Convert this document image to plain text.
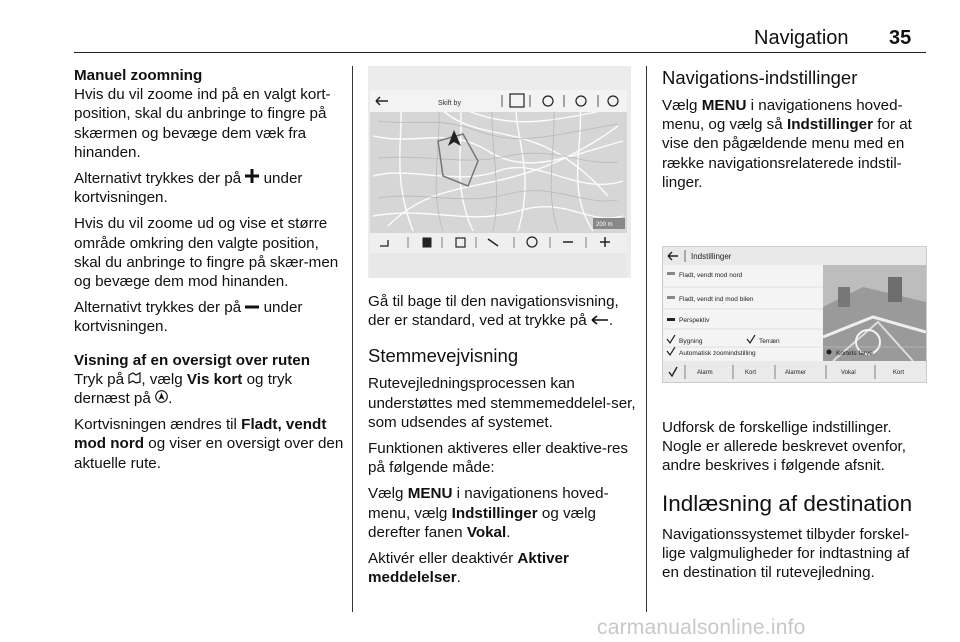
Navigation 35

Manuel zoomning

Hvis du vil zoome ind på en valgt kort-position, skal du anbringe to fingre på skærmen og bevæge dem væk fra hinanden.

Alternativt trykkes der på under kortvisningen.

Hvis du vil zoome ud og vise et større område omkring den valgte position, skal du anbringe to fingre på skær-men og bevæge dem mod hinanden.

Alternativt trykkes der på under kortvisningen.

Visning af en oversigt over ruten

Tryk på , vælg Vis kort og tryk dernæst på .

Kortvisningen ændres til Fladt, vendt mod nord og viser en oversigt over den aktuelle rute.

Skift by
200 m

Gå til bage til den navigationsvisning, der er standard, ved at trykke på .

Stemmevejvisning

Rutevejledningsprocessen kan understøttes med stemmemeddelel-ser, som udsendes af systemet.

Funktionen aktiveres eller deaktive-res på følgende måde:

Vælg MENU i navigationens hoved-menu, vælg Indstillinger og vælg derefter fanen Vokal.

Aktivér eller deaktivér Aktiver meddelelser.

Navigations-indstillinger

Vælg MENU i navigationens hoved-menu, og vælg så Indstillinger for at vise den pågældende menu med en række navigationsrelaterede indstil-linger.

Indstillinger
Fladt, vendt mod nord
Fladt, vendt ind mod bilen
Perspektiv
Bygning	Terræn
Automatisk zoomindstilling	Kortets farve
Alarm	Kort	Alarmer	Vokal	Kort

Udforsk de forskellige indstillinger. Nogle er allerede beskrevet ovenfor, andre beskrives i følgende afsnit.

Indlæsning af destination

Navigationssystemet tilbyder forskel-lige valgmuligheder for indtastning af en destination til rutevejledning.

carmanualsonline.info
